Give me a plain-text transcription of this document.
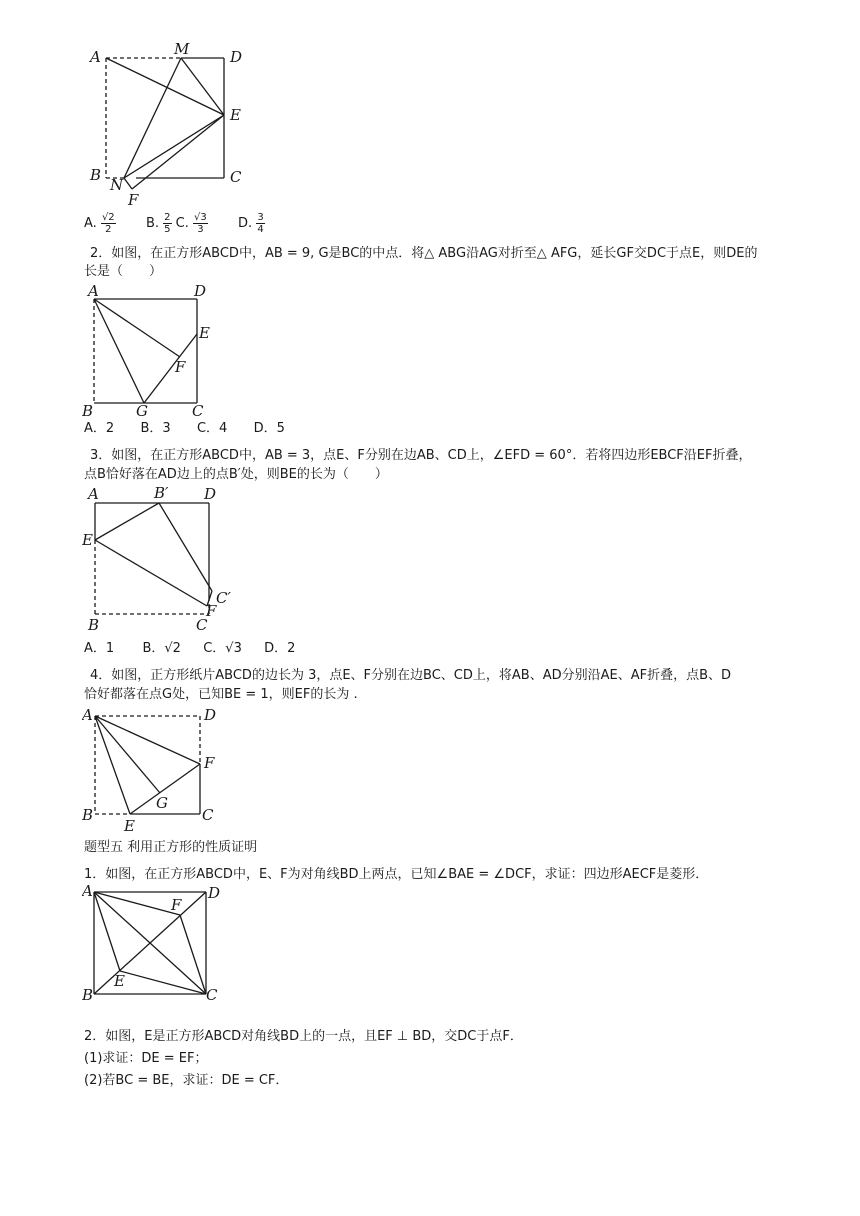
A	M	D
E
B
N	C
F
A. $\frac{√2}{2} B$. $\frac{2}{5} C$. $\frac{√3}{3} D$. $\frac{3}{4}$
2．如图，在正方形ABCD中，AB = 9, G是BC的中点．将△ ABG沿AG对折至△ AFG，延长GF交DC于点E，则DE的
长是（　　）
A	D
E
F
B	G	C
A．2 B．3 C．4 D．5
3．如图，在正方形ABCD中，AB = 3，点E、F分别在边AB、CD上，∠EFD = 60°．若将四边形EBCF沿EF折叠，
点B恰好落在AD边上的点B′处，则BE的长为（　　）
A	B′ D
E
C′
F
B	C
A．1 B．√2 C．√3 D．2
4．如图，正方形纸片ABCD的边长为 3，点E、F分别在边BC、CD上，将AB、AD分别沿AE、AF折叠，点B、D
恰好都落在点G处，已知BE = 1，则EF的长为 .
A	D
F
G
B
E
C
题型五 利用正方形的性质证明
1．如图，在正方形ABCD中，E、F为对角线BD上两点，已知∠BAE = ∠DCF，求证：四边形AECF是菱形．
A
F
D
E
B	C
2．如图，E是正方形ABCD对角线BD上的一点，且EF ⊥ BD，交DC于点F．
(1)求证：DE = EF；
(2)若BC = BE，求证：DE = CF．
